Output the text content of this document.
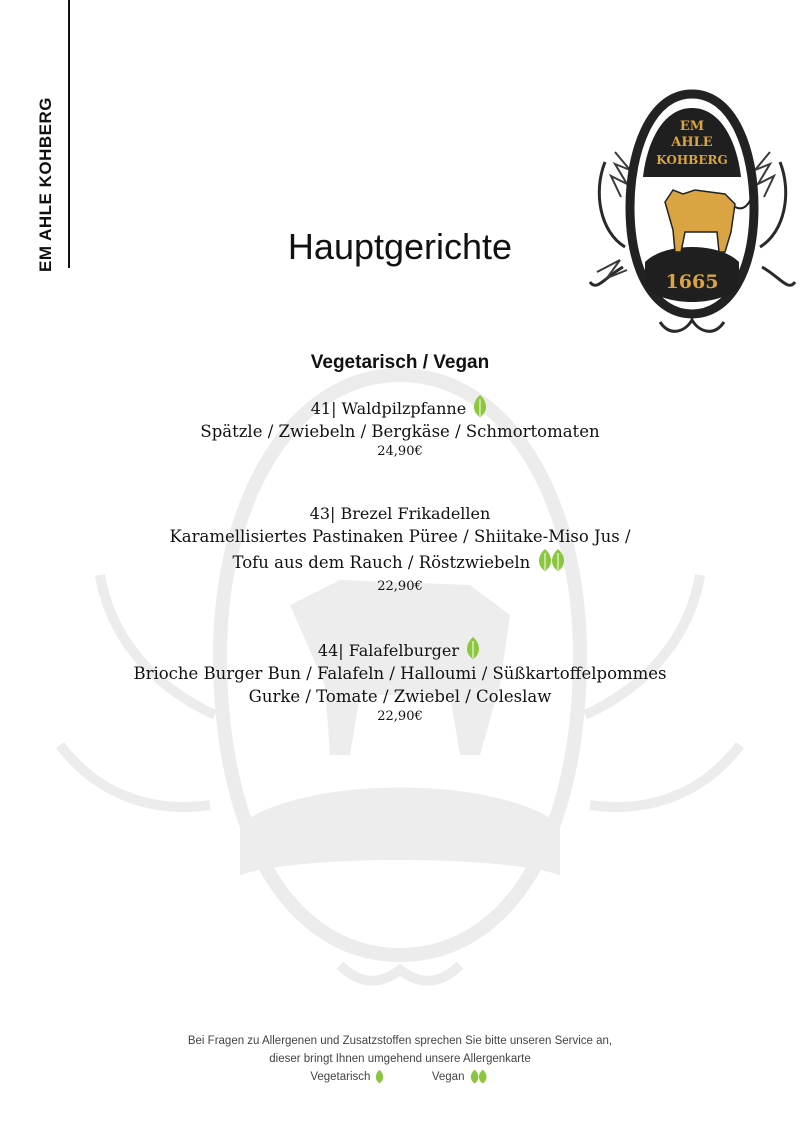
EM AHLE KOHBERG	EM
AHLE
KOHBERG
1665
Hauptgerichte
Vegetarisch / Vegan
41| Waldpilzpfanne
Spätzle / Zwiebeln / Bergkäse / Schmortomaten
24,90€
43| Brezel Frikadellen
Karamellisiertes Pastinaken Püree / Shiitake-Miso Jus /
Tofu aus dem Rauch / Röstzwiebeln
22,90€
44| Falafelburger
Brioche Burger Bun / Falafeln / Halloumi / Süßkartoffelpommes
Gurke / Tomate / Zwiebel / Coleslaw
22,90€
Bei Fragen zu Allergenen und Zusatzstoffen sprechen Sie bitte unseren Service an,
dieser bringt Ihnen umgehend unsere Allergenkarte
Vegetarisch	Vegan
